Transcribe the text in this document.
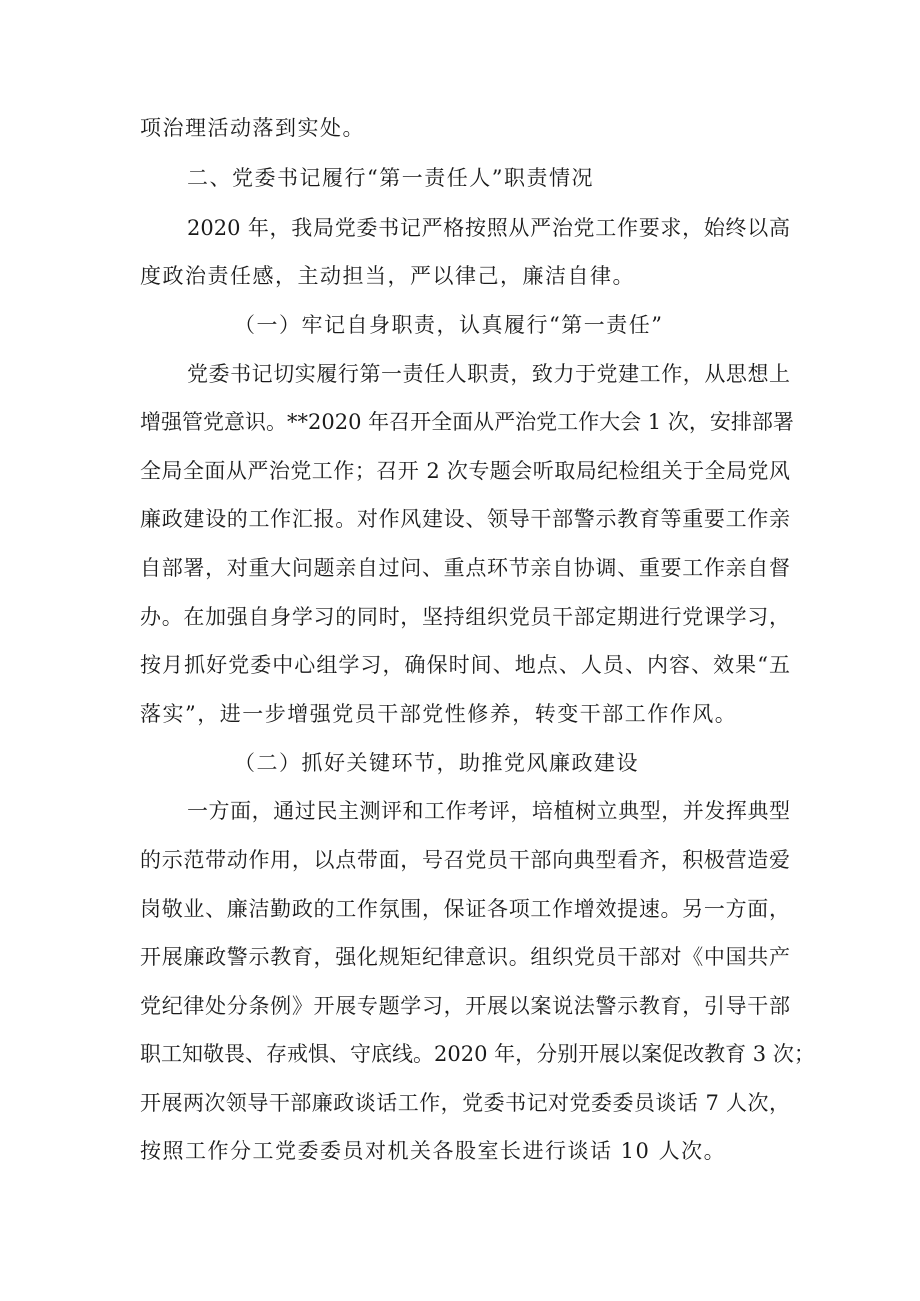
项治理活动落到实处。
二、党委书记履行“第一责任人”职责情况
2020 年，我局党委书记严格按照从严治党工作要求，始终以高
度政治责任感，主动担当，严以律己，廉洁自律。
（一）牢记自身职责，认真履行“第一责任”
党委书记切实履行第一责任人职责，致力于党建工作，从思想上
增强管党意识。**2020 年召开全面从严治党工作大会 1 次，安排部署
全局全面从严治党工作；召开 2 次专题会听取局纪检组关于全局党风
廉政建设的工作汇报。对作风建设、领导干部警示教育等重要工作亲
自部署，对重大问题亲自过问、重点环节亲自协调、重要工作亲自督
办。在加强自身学习的同时，坚持组织党员干部定期进行党课学习，
按月抓好党委中心组学习，确保时间、地点、人员、内容、效果“五
落实”，进一步增强党员干部党性修养，转变干部工作作风。
（二）抓好关键环节，助推党风廉政建设
一方面，通过民主测评和工作考评，培植树立典型，并发挥典型
的示范带动作用，以点带面，号召党员干部向典型看齐，积极营造爱
岗敬业、廉洁勤政的工作氛围，保证各项工作增效提速。另一方面，
开展廉政警示教育，强化规矩纪律意识。组织党员干部对《中国共产
党纪律处分条例》开展专题学习，开展以案说法警示教育，引导干部
职工知敬畏、存戒惧、守底线。2020 年，分别开展以案促改教育 3 次；
开展两次领导干部廉政谈话工作，党委书记对党委委员谈话 7 人次，
按照工作分工党委委员对机关各股室长进行谈话 10 人次。
